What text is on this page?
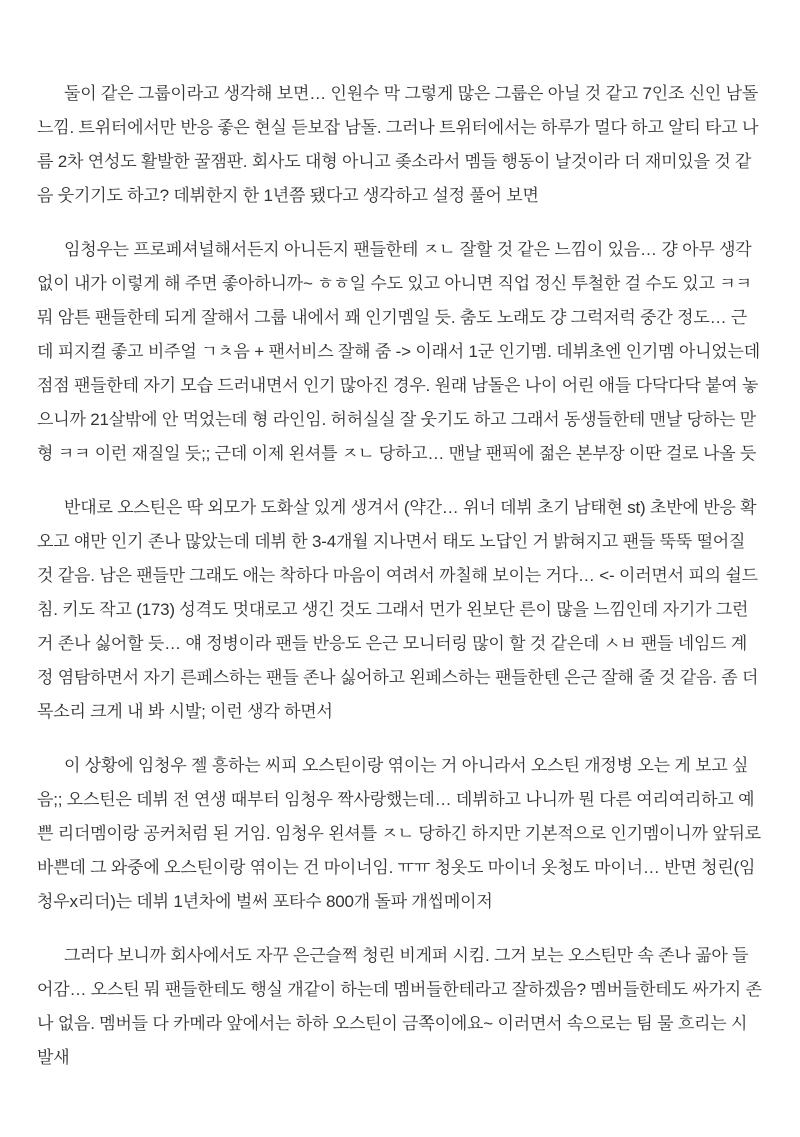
둘이 같은 그룹이라고 생각해 보면… 인원수 막 그렇게 많은 그룹은 아닐 것 같고 7인조 신인 남돌 느낌. 트위터에서만 반응 좋은 현실 듣보잡 남돌. 그러나 트위터에서는 하루가 멀다 하고 알티 타고 나름 2차 연성도 활발한 꿀잼판. 회사도 대형 아니고 좆소라서 멤들 행동이 날것이라 더 재미있을 것 같음 웃기기도 하고? 데뷔한지 한 1년쯤 됐다고 생각하고 설정 풀어 보면

임청우는 프로페셔널해서든지 아니든지 팬들한테 ㅈㄴ 잘할 것 같은 느낌이 있음… 걍 아무 생각 없이 내가 이렇게 해 주면 좋아하니까~ ㅎㅎ일 수도 있고 아니면 직업 정신 투철한 걸 수도 있고 ㅋㅋ 뭐 암튼 팬들한테 되게 잘해서 그룹 내에서 꽤 인기멤일 듯. 춤도 노래도 걍 그럭저럭 중간 정도… 근데 피지컬 좋고 비주얼 ㄱㅊ음 + 팬서비스 잘해 줌 -> 이래서 1군 인기멤. 데뷔초엔 인기멤 아니었는데 점점 팬들한테 자기 모습 드러내면서 인기 많아진 경우. 원래 남돌은 나이 어린 애들 다닥다닥 붙여 놓으니까 21살밖에 안 먹었는데 형 라인임. 허허실실 잘 웃기도 하고 그래서 동생들한테 맨날 당하는 맏형 ㅋㅋ 이런 재질일 듯;; 근데 이제 왼셔틀 ㅈㄴ 당하고… 맨날 팬픽에 젊은 본부장 이딴 걸로 나올 듯

반대로 오스틴은 딱 외모가 도화살 있게 생겨서 (약간… 위너 데뷔 초기 남태현 st) 초반에 반응 확 오고 얘만 인기 존나 많았는데 데뷔 한 3-4개월 지나면서 태도 노답인 거 밝혀지고 팬들 뚝뚝 떨어질 것 같음. 남은 팬들만 그래도 애는 착하다 마음이 여려서 까칠해 보이는 거다… <- 이러면서 피의 쉴드 침. 키도 작고 (173) 성격도 멋대로고 생긴 것도 그래서 먼가 왼보단 른이 많을 느낌인데 자기가 그런 거 존나 싫어할 듯… 얘 정병이라 팬들 반응도 은근 모니터링 많이 할 것 같은데 ㅅㅂ 팬들 네임드 계정 염탐하면서 자기 른페스하는 팬들 존나 싫어하고 왼페스하는 팬들한텐 은근 잘해 줄 것 같음. 좀 더 목소리 크게 내 봐 시발; 이런 생각 하면서

이 상황에 임청우 젤 흥하는 씨피 오스틴이랑 엮이는 거 아니라서 오스틴 개정병 오는 게 보고 싶음;; 오스틴은 데뷔 전 연생 때부터 임청우 짝사랑했는데… 데뷔하고 나니까 뭔 다른 여리여리하고 예쁜 리더멤이랑 공커처럼 된 거임. 임청우 왼셔틀 ㅈㄴ 당하긴 하지만 기본적으로 인기멤이니까 앞뒤로 바쁜데 그 와중에 오스틴이랑 엮이는 건 마이너임. ㅠㅠ 청옷도 마이너 옷청도 마이너… 반면 청린(임청우x리더)는 데뷔 1년차에 벌써 포타수 800개 돌파 개씹메이저

그러다 보니까 회사에서도 자꾸 은근슬쩍 청린 비게퍼 시킴. 그거 보는 오스틴만 속 존나 곪아 들어감… 오스틴 뭐 팬들한테도 행실 개같이 하는데 멤버들한테라고 잘하겠음? 멤버들한테도 싸가지 존나 없음. 멤버들 다 카메라 앞에서는 하하 오스틴이 금쪽이에요~ 이러면서 속으로는 팀 물 흐리는 시발새
